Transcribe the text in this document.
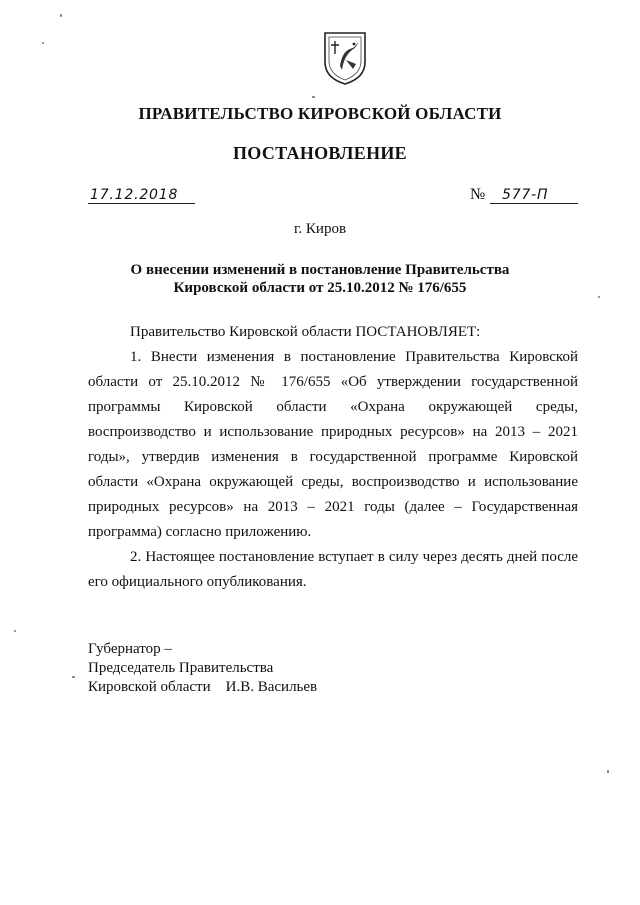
ПРАВИТЕЛЬСТВО КИРОВСКОЙ ОБЛАСТИ
ПОСТАНОВЛЕНИЕ
17.12.2018	№	577-П
г. Киров
О внесении изменений в постановление Правительства
Кировской области от 25.10.2012 № 176/655

Правительство Кировской области ПОСТАНОВЛЯЕТ:

1. Внести изменения в постановление Правительства Кировской области от 25.10.2012 № 176/655 «Об утверждении государственной программы Кировской области «Охрана окружающей среды, воспроизводство и использование природных ресурсов» на 2013 – 2021 годы», утвердив изменения в государственной программе Кировской области «Охрана окружающей среды, воспроизводство и использование природных ресурсов» на 2013 – 2021 годы (далее – Государственная программа) согласно приложению.

2. Настоящее постановление вступает в силу через десять дней после его официального опубликования.

Губернатор –
Председатель Правительства
Кировской области И.В. Васильев
